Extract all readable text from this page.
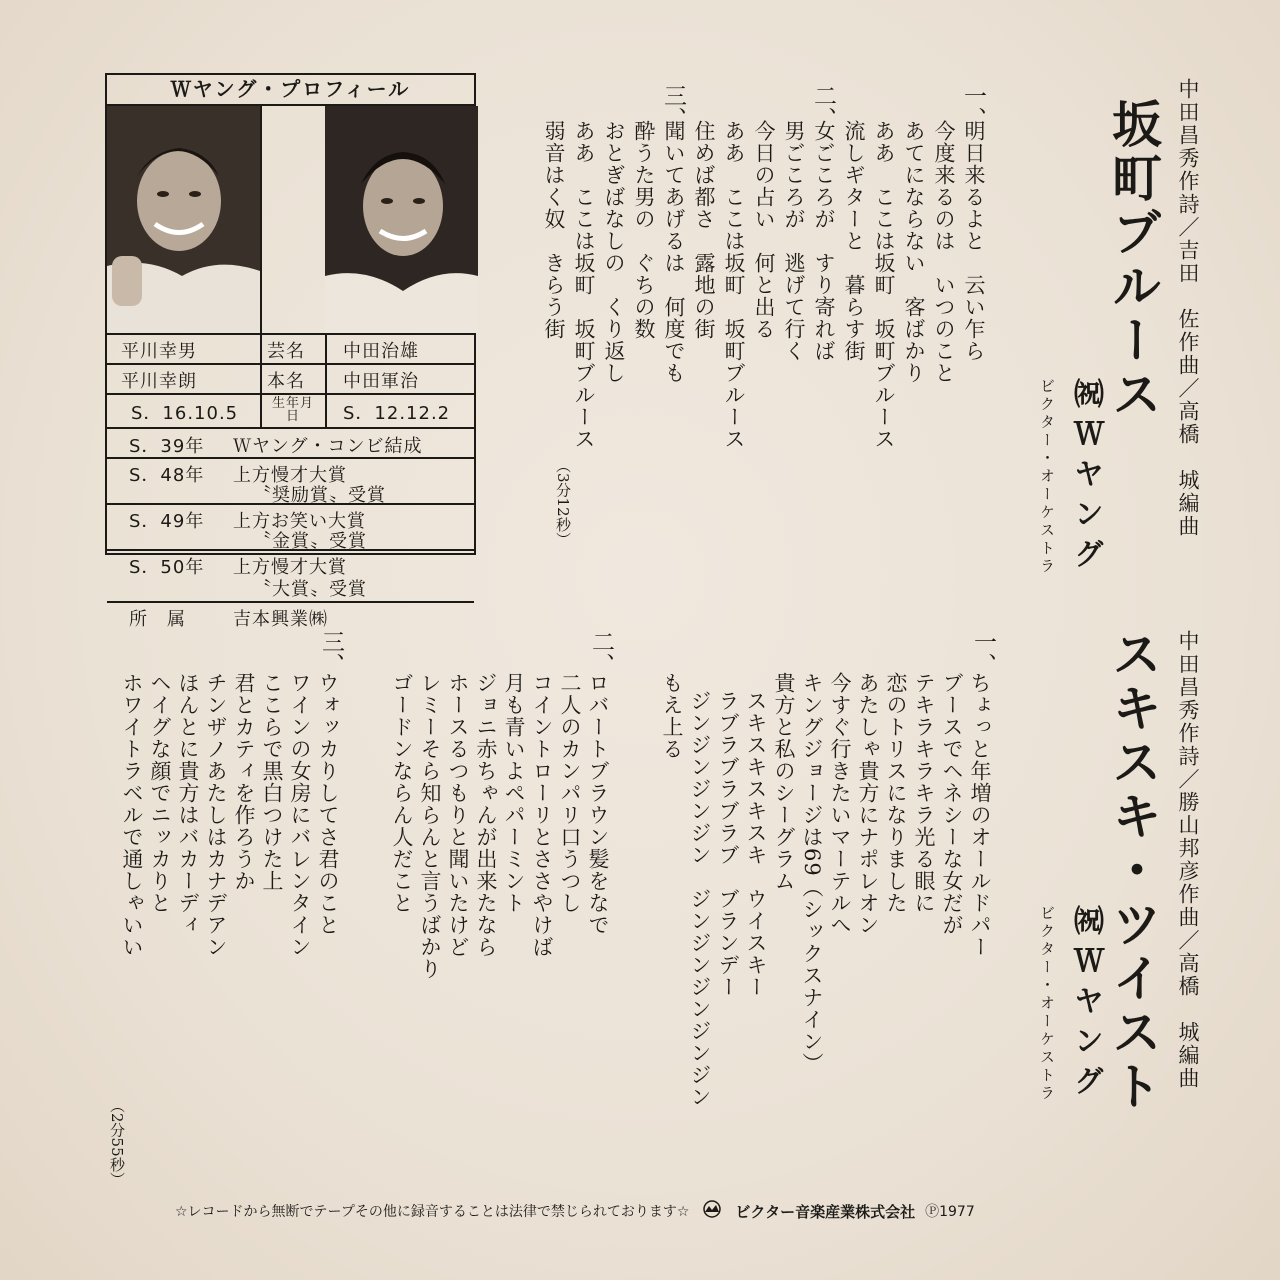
中田昌秀作詩／吉田　佐作曲／高橋　城編曲
坂町ブルース
㈷Ｗヤング
ビクター・オーケストラ
一、
明日来るよと　云い乍ら
今度来るのは　いつのこと
あてにならない　客ばかり
ああ　ここは坂町　坂町ブルース
流しギターと　暮らす街
二、
女ごころが　すり寄れば
男ごころが　逃げて行く
今日の占い　何と出る
ああ　ここは坂町　坂町ブルース
住めば都さ　露地の街
三、
聞いてあげるは　何度でも
酔うた男の　ぐちの数
おとぎばなしの　くり返し
ああ　ここは坂町　坂町ブルース
弱音はく奴　きらう街
（3分12秒）
Ｗヤング・プロフィール
平川幸男	芸名 中田治雄
平川幸朗	本名 中田軍治
S．16.10.5	生年月日	S．12.12.2
S．39年 Ｗヤング・コンビ結成
S．48年 上方慢才大賞
〝奨励賞〟受賞
S．49年 上方お笑い大賞
〝金賞〟受賞
S．50年 上方慢才大賞
〝大賞〟受賞
所　属	吉本興業㈱
中田昌秀作詩／勝山邦彦作曲／高橋　城編曲
スキスキ・ツイスト
㈷Ｗヤング
ビクター・オーケストラ
一、
ちょっと年増のオールドパー
ブースでヘネシーな女だが
テキラキラキラ光る眼に
恋のトリスになりました
あたしゃ貴方にナポレオン
今すぐ行きたいマーテルへ
キングジョージは69（シックスナイン）
貴方と私のシーグラム
スキスキスキスキ　ウイスキー
ラブラブラブラブ　ブランデー
ジンジンジンジン　ジンジンジンジンジン
もえ上る
二、
ロバートブラウン髪をなで
二人のカンパリ口うつし
コイントローリとささやけば
月も青いよペパーミント
ジョニ赤ちゃんが出来たなら
ホースるつもりと聞いたけど
レミーそら知らんと言うばかり
ゴードンならん人だこと
三、
ウォッカりしてさ君のこと
ワインの女房にバレンタイン
ここらで黒白つけた上
君とカティを作ろうか
チンザノあたしはカナデアン
ほんとに貴方はバカーディ
ヘイグな顔でニッカりと
ホワイトラベルで通しゃいい
（2分55秒）
☆レコードから無断でテープその他に録音することは法律で禁じられております☆	ビクター音楽産業株式会社 Ⓟ1977
